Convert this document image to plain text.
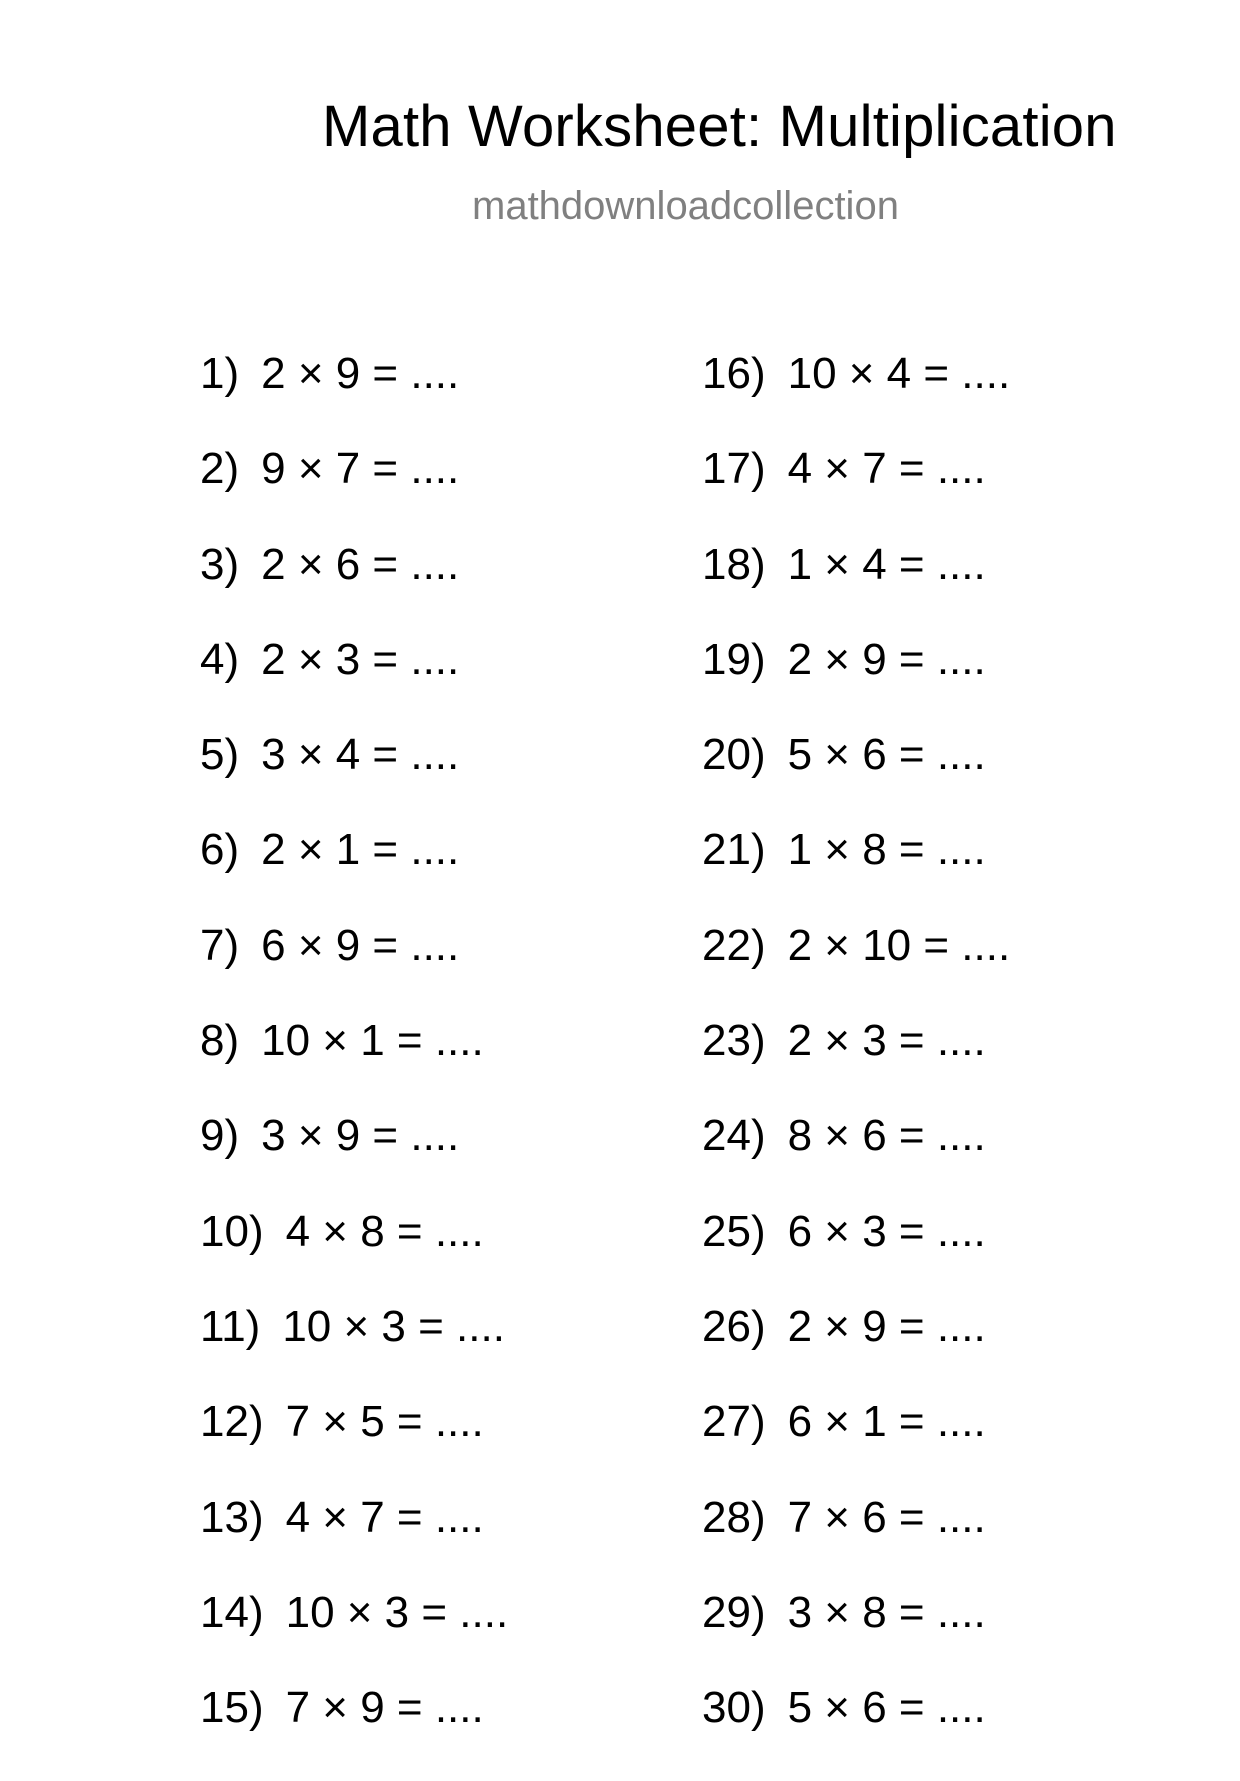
Math Worksheet: Multiplication
mathdownloadcollection
1) 2 × 9 = ....
2) 9 × 7 = ....
3) 2 × 6 = ....
4) 2 × 3 = ....
5) 3 × 4 = ....
6) 2 × 1 = ....
7) 6 × 9 = ....
8) 10 × 1 = ....
9) 3 × 9 = ....
10) 4 × 8 = ....
11) 10 × 3 = ....
12) 7 × 5 = ....
13) 4 × 7 = ....
14) 10 × 3 = ....
15) 7 × 9 = ....
16) 10 × 4 = ....
17) 4 × 7 = ....
18) 1 × 4 = ....
19) 2 × 9 = ....
20) 5 × 6 = ....
21) 1 × 8 = ....
22) 2 × 10 = ....
23) 2 × 3 = ....
24) 8 × 6 = ....
25) 6 × 3 = ....
26) 2 × 9 = ....
27) 6 × 1 = ....
28) 7 × 6 = ....
29) 3 × 8 = ....
30) 5 × 6 = ....
